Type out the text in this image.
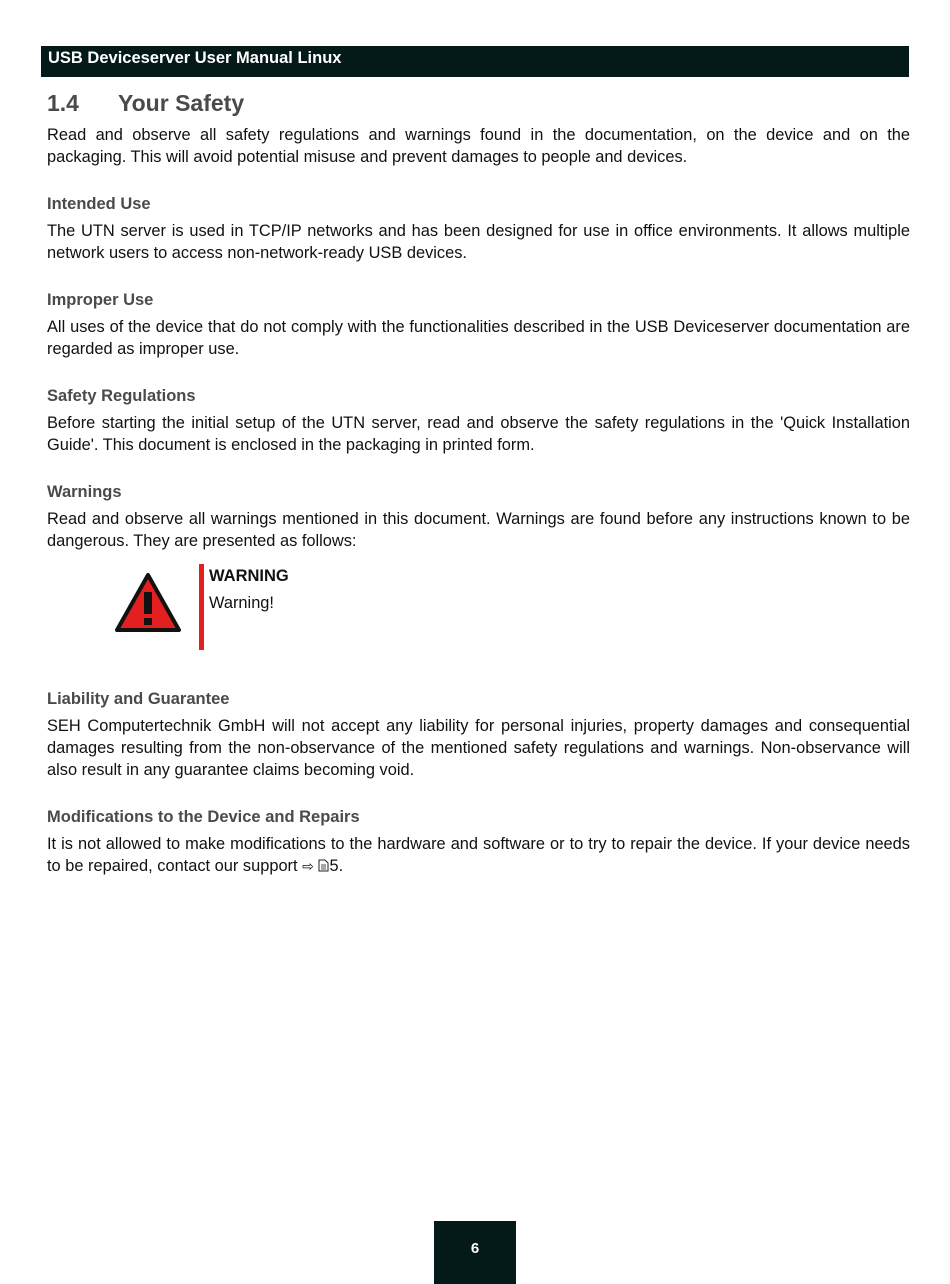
USB Deviceserver User Manual Linux
1.4 Your Safety

Read and observe all safety regulations and warnings found in the documentation, on the device and on the packaging. This will avoid potential misuse and prevent damages to people and devices.

Intended Use

The UTN server is used in TCP/IP networks and has been designed for use in office environments. It allows multiple network users to access non-network-ready USB devices.

Improper Use

All uses of the device that do not comply with the functionalities described in the USB Deviceserver documentation are regarded as improper use.

Safety Regulations

Before starting the initial setup of the UTN server, read and observe the safety regulations in the 'Quick Installation Guide'. This document is enclosed in the packaging in printed form.

Warnings

Read and observe all warnings mentioned in this document. Warnings are found before any instructions known to be dangerous. They are presented as follows:

WARNING
Warning!
Liability and Guarantee

SEH Computertechnik GmbH will not accept any liability for personal injuries, property damages and consequential damages resulting from the non-observance of the mentioned safety regulations and warnings. Non-observance will also result in any guarantee claims becoming void.

Modifications to the Device and Repairs

It is not allowed to make modifications to the hardware and software or to try to repair the device. If your device needs to be repaired, contact our support ⇨ 5.

6
